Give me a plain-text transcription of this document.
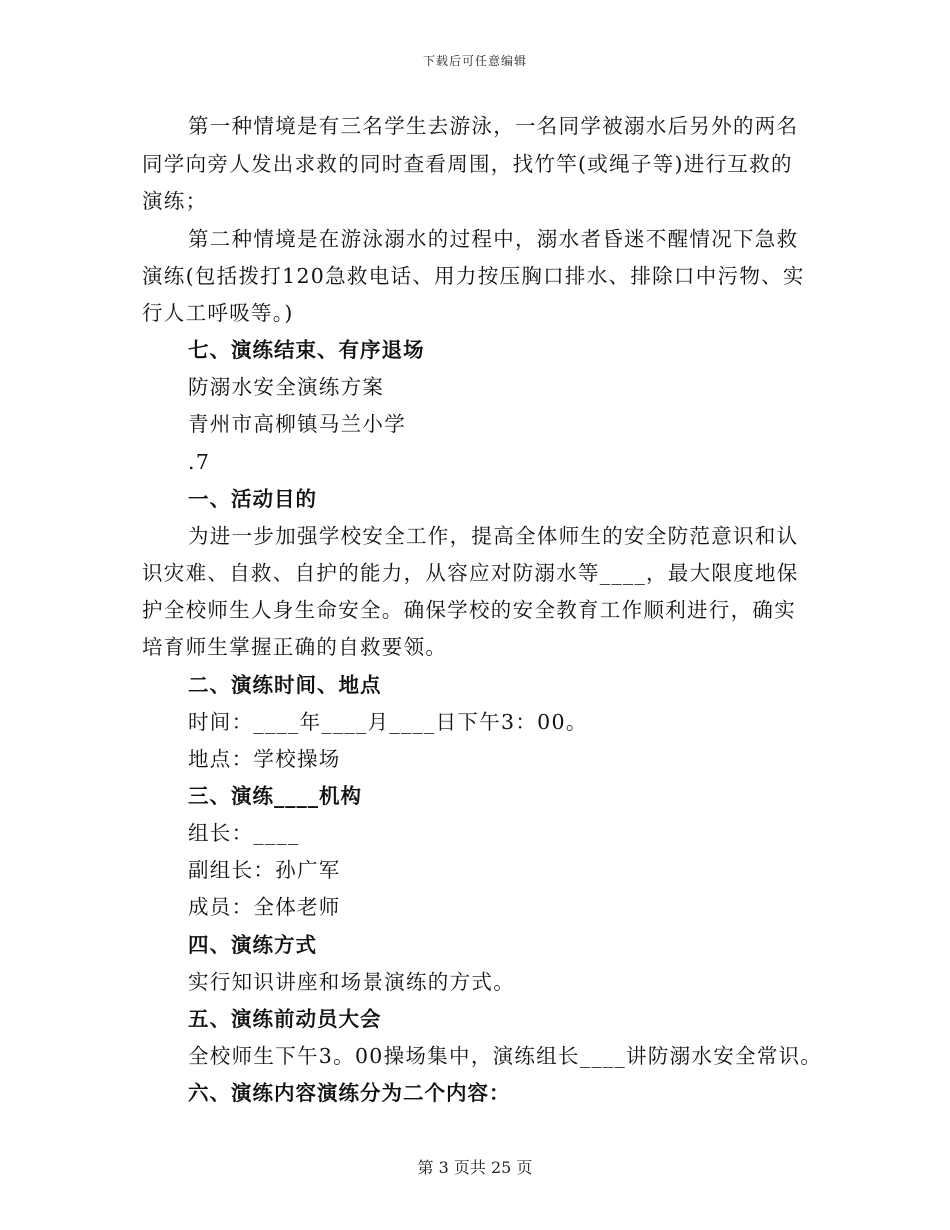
下载后可任意编辑
第一种情境是有三名学生去游泳，一名同学被溺水后另外的两名
同学向旁人发出求救的同时查看周围，找竹竿(或绳子等)进行互救的
演练；
第二种情境是在游泳溺水的过程中，溺水者昏迷不醒情况下急救
演练(包括拨打120急救电话、用力按压胸口排水、排除口中污物、实
行人工呼吸等。)
七、演练结束、有序退场
防溺水安全演练方案
青州市高柳镇马兰小学
.7
一、活动目的
为进一步加强学校安全工作，提高全体师生的安全防范意识和认
识灾难、自救、自护的能力，从容应对防溺水等____，最大限度地保
护全校师生人身生命安全。确保学校的安全教育工作顺利进行，确实
培育师生掌握正确的自救要领。
二、演练时间、地点
时间：____年____月____日下午3：00。
地点：学校操场
三、演练____机构
组长：____
副组长：孙广军
成员：全体老师
四、演练方式
实行知识讲座和场景演练的方式。
五、演练前动员大会
全校师生下午3。00操场集中，演练组长____讲防溺水安全常识。
六、演练内容演练分为二个内容：
第 3 页共 25 页
